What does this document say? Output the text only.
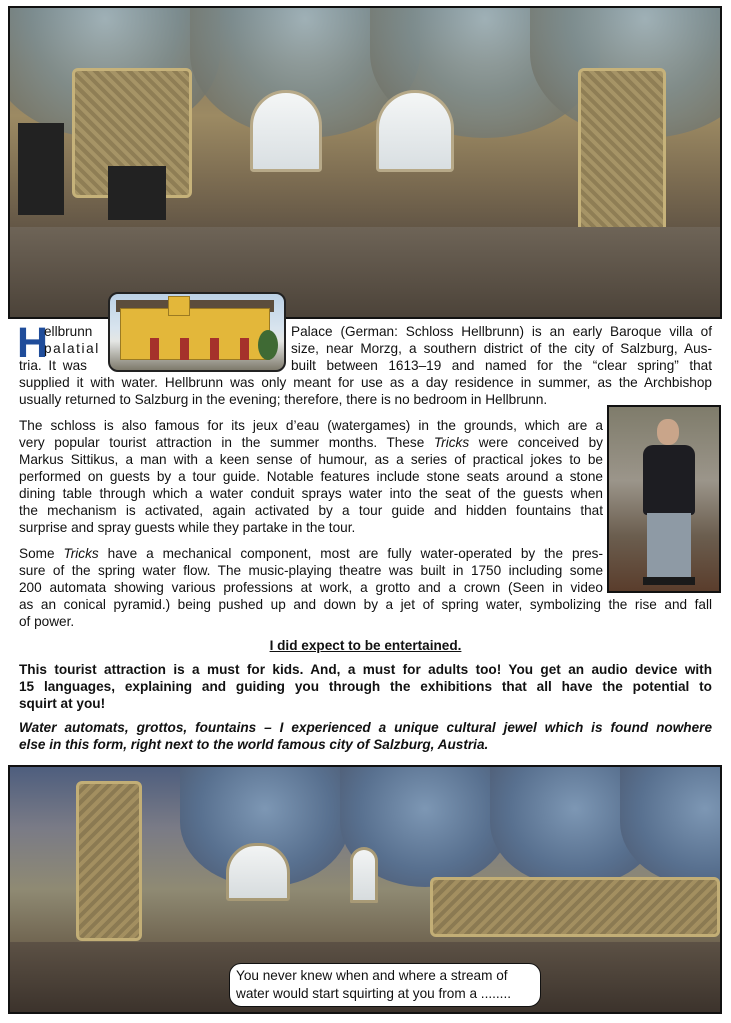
H
ellbrunn
palatial
tria. It was
Palace (German: Schloss Hellbrunn) is an early Baroque villa of
size, near Morzg, a southern district of the city of Salzburg, Aus-
built between 1613–19 and named for the “clear spring” that
supplied it with water. Hellbrunn was only meant for use as a day residence in summer, as the Archbishop
usually returned to Salzburg in the evening; therefore, there is no bedroom in Hellbrunn.
The schloss is also famous for its jeux d’eau (watergames) in the grounds, which are a
very popular tourist attraction in the summer months. These Tricks were conceived by
Markus Sittikus, a man with a keen sense of humour, as a series of practical jokes to be
performed on guests by a tour guide. Notable features include stone seats around a stone
dining table through which a water conduit sprays water into the seat of the guests when
the mechanism is activated, again activated by a tour guide and hidden fountains that
surprise and spray guests while they partake in the tour.
Some Tricks have a mechanical component, most are fully water-operated by the pres-
sure of the spring water flow. The music-playing theatre was built in 1750 including some
200 automata showing various professions at work, a grotto and a crown (Seen in video
as an conical pyramid.) being pushed up and down by a jet of spring water, symbolizing the rise and fall
of power.
I did expect to be entertained.
This tourist attraction is a must for kids. And, a must for adults too! You get an audio device with
15 languages, explaining and guiding you through the exhibitions that all have the potential to
squirt at you!
Water automats, grottos, fountains – I experienced a unique cultural jewel which is found nowhere
else in this form, right next to the world famous city of Salzburg, Austria.
You never knew when and where a stream of
water would start squirting at you from a ........
